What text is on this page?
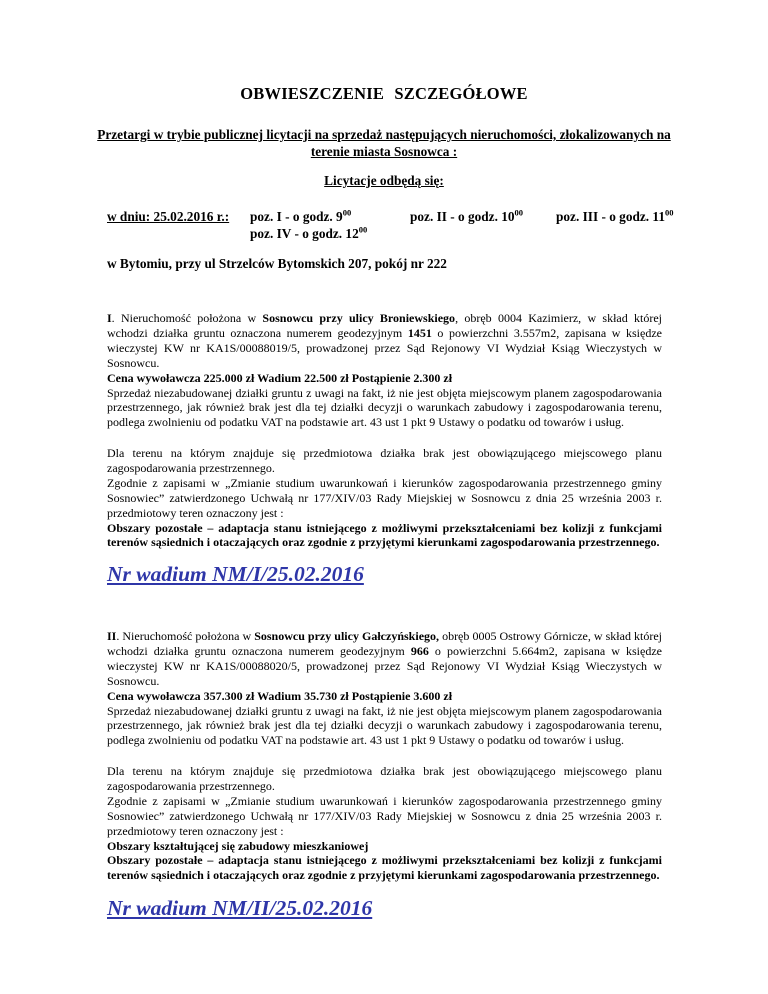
OBWIESZCZENIE SZCZEGÓŁOWE
Przetargi w trybie publicznej licytacji na sprzedaż następujących nieruchomości, złokalizowanych na terenie miasta Sosnowca :
Licytacje odbędą się:
w dniu: 25.02.2016 r.: poz. I - o godz. $9^{00}$
poz. IV - o godz. $12^{00}$
poz. II - o godz. $10^{00}$ poz. III - o godz. $11^{00}$
w Bytomiu, przy ul Strzelców Bytomskich 207, pokój nr 222
I. Nieruchomość położona w Sosnowcu przy ulicy Broniewskiego, obręb 0004 Kazimierz, w skład której wchodzi działka gruntu oznaczona numerem geodezyjnym 1451 o powierzchni 3.557m2, zapisana w księdze wieczystej KW nr KA1S/00088019/5, prowadzonej przez Sąd Rejonowy VI Wydział Ksiąg Wieczystych w Sosnowcu.
Cena wywoławcza 225.000 zł Wadium 22.500 zł Postąpienie 2.300 zł
Sprzedaż niezabudowanej działki gruntu z uwagi na fakt, iż nie jest objęta miejscowym planem zagospodarowania przestrzennego, jak również brak jest dla tej działki decyzji o warunkach zabudowy i zagospodarowania terenu, podlega zwolnieniu od podatku VAT na podstawie art. 43 ust 1 pkt 9 Ustawy o podatku od towarów i usług.
Dla terenu na którym znajduje się przedmiotowa działka brak jest obowiązującego miejscowego planu zagospodarowania przestrzennego.
Zgodnie z zapisami w „Zmianie studium uwarunkowań i kierunków zagospodarowania przestrzennego gminy Sosnowiec” zatwierdzonego Uchwałą nr 177/XIV/03 Rady Miejskiej w Sosnowcu z dnia 25 września 2003 r. przedmiotowy teren oznaczony jest :
Obszary pozostałe – adaptacja stanu istniejącego z możliwymi przekształceniami bez kolizji z funkcjami terenów sąsiednich i otaczających oraz zgodnie z przyjętymi kierunkami zagospodarowania przestrzennego.
Nr wadium NM/I/25.02.2016
II. Nieruchomość położona w Sosnowcu przy ulicy Gałczyńskiego, obręb 0005 Ostrowy Górnicze, w skład której wchodzi działka gruntu oznaczona numerem geodezyjnym 966 o powierzchni 5.664m2, zapisana w księdze wieczystej KW nr KA1S/00088020/5, prowadzonej przez Sąd Rejonowy VI Wydział Ksiąg Wieczystych w Sosnowcu.
Cena wywoławcza 357.300 zł Wadium 35.730 zł Postąpienie 3.600 zł
Sprzedaż niezabudowanej działki gruntu z uwagi na fakt, iż nie jest objęta miejscowym planem zagospodarowania przestrzennego, jak również brak jest dla tej działki decyzji o warunkach zabudowy i zagospodarowania terenu, podlega zwolnieniu od podatku VAT na podstawie art. 43 ust 1 pkt 9 Ustawy o podatku od towarów i usług.
Dla terenu na którym znajduje się przedmiotowa działka brak jest obowiązującego miejscowego planu zagospodarowania przestrzennego.
Zgodnie z zapisami w „Zmianie studium uwarunkowań i kierunków zagospodarowania przestrzennego gminy Sosnowiec” zatwierdzonego Uchwałą nr 177/XIV/03 Rady Miejskiej w Sosnowcu z dnia 25 września 2003 r. przedmiotowy teren oznaczony jest :
Obszary kształtującej się zabudowy mieszkaniowej
Obszary pozostałe – adaptacja stanu istniejącego z możliwymi przekształceniami bez kolizji z funkcjami terenów sąsiednich i otaczających oraz zgodnie z przyjętymi kierunkami zagospodarowania przestrzennego.
Nr wadium NM/II/25.02.2016
